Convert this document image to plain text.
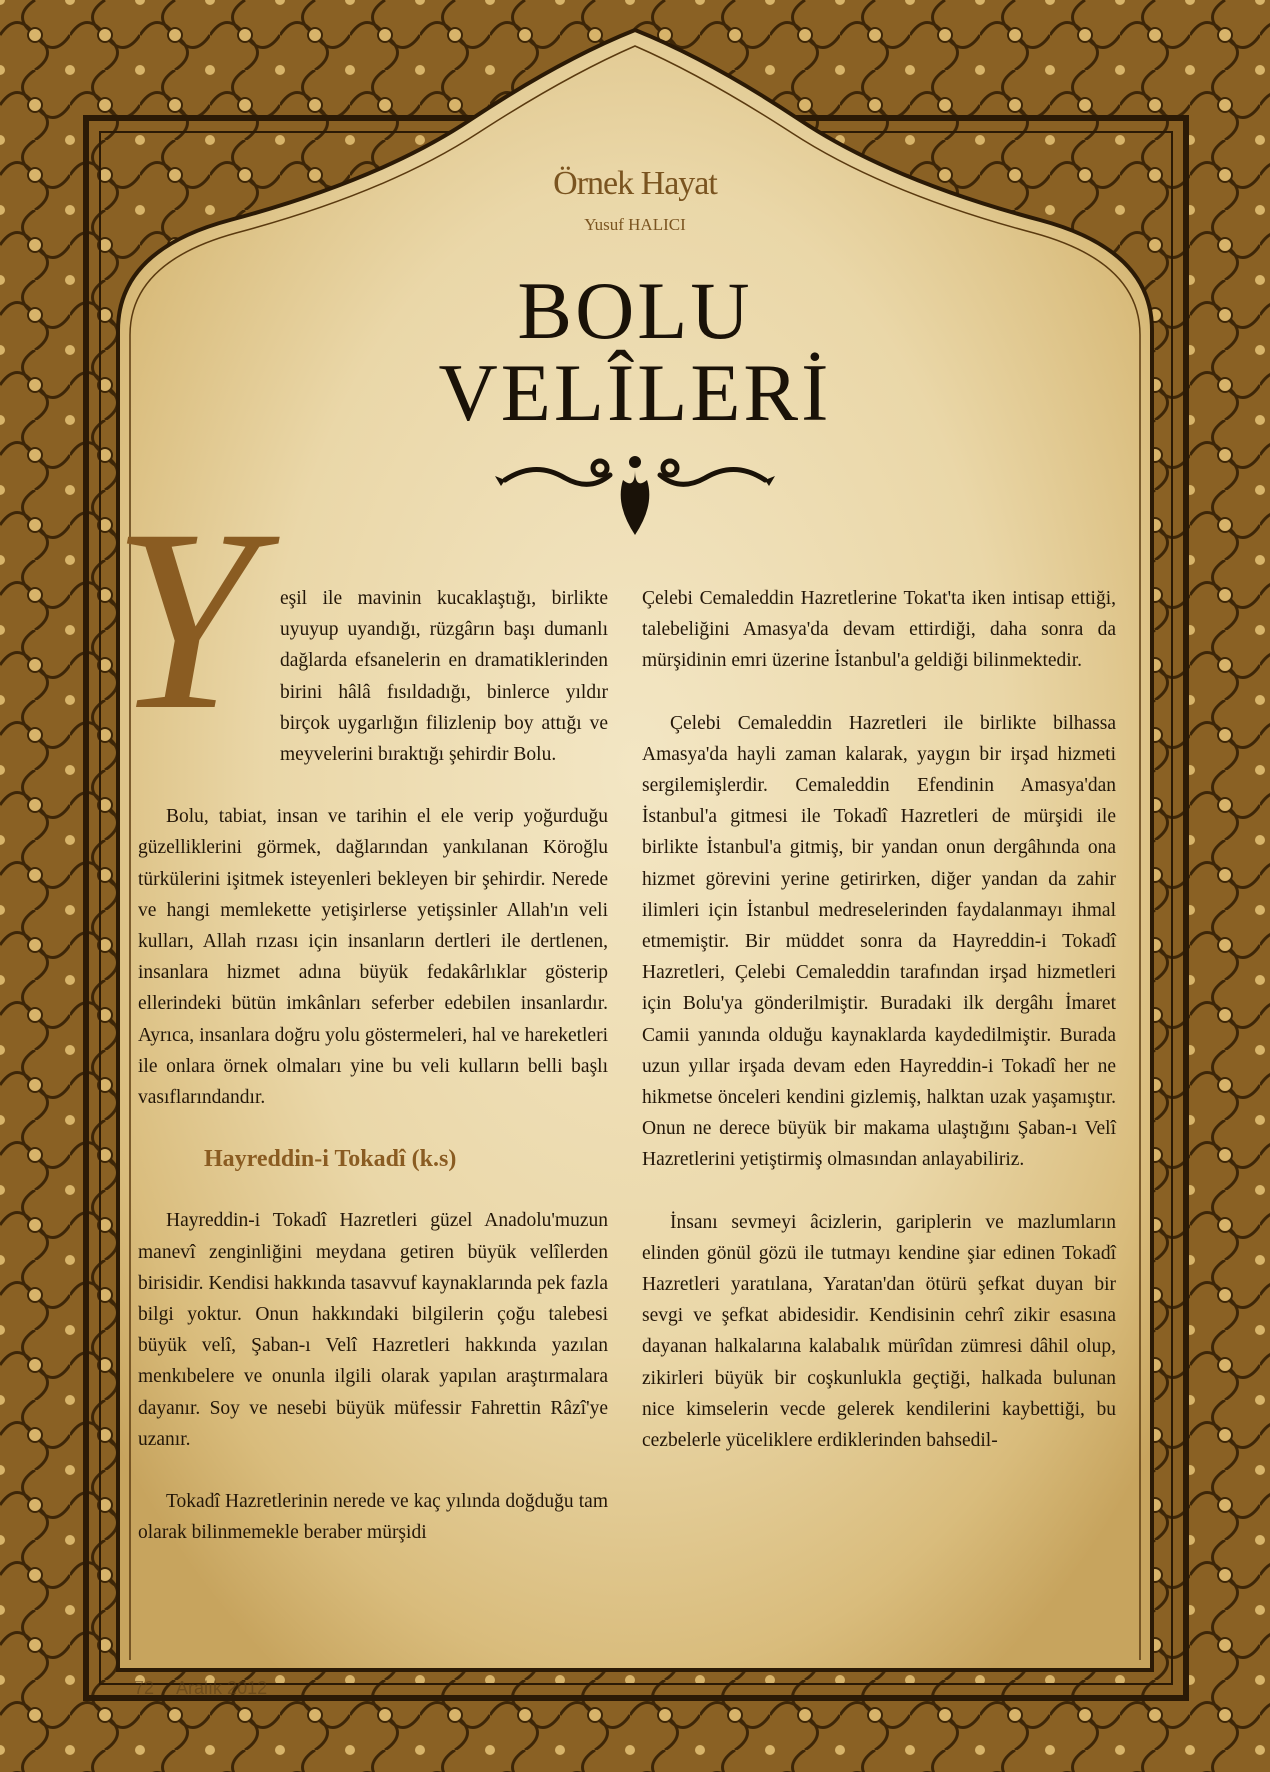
Örnek Hayat
Yusuf HALICI
BOLU
VELÎLERİ
Y	eşil ile mavinin kucaklaştığı, birlikte uyuyup uyandığı, rüzgârın başı dumanlı dağlarda efsanelerin en dramatiklerinden birini hâlâ fısıldadığı, binlerce yıldır birçok uygarlığın filizlenip boy attığı ve meyvelerini bıraktığı şehirdir Bolu.

Bolu, tabiat, insan ve tarihin el ele verip yoğurduğu güzelliklerini görmek, dağlarından yankılanan Köroğlu türkülerini işitmek isteyenleri bekleyen bir şehirdir. Nerede ve hangi memlekette yetişirlerse yetişsinler Allah'ın veli kulları, Allah rızası için insanların dertleri ile dertlenen, insanlara hizmet adına büyük fedakârlıklar gösterip ellerindeki bütün imkânları seferber edebilen insanlardır. Ayrıca, insanlara doğru yolu göstermeleri, hal ve hareketleri ile onlara örnek olmaları yine bu veli kulların belli başlı vasıflarındandır.

Hayreddin-i Tokadî (k.s)

Hayreddin-i Tokadî Hazretleri güzel Anadolu'muzun manevî zenginliğini meydana getiren büyük velîlerden birisidir. Kendisi hakkında tasavvuf kaynaklarında pek fazla bilgi yoktur. Onun hakkındaki bilgilerin çoğu talebesi büyük velî, Şaban-ı Velî Hazretleri hakkında yazılan menkıbelere ve onunla ilgili olarak yapılan araştırmalara dayanır. Soy ve nesebi büyük müfessir Fahrettin Râzî'ye uzanır.

Tokadî Hazretlerinin nerede ve kaç yılında doğduğu tam olarak bilinmemekle beraber mürşidi

Çelebi Cemaleddin Hazretlerine Tokat'ta iken intisap ettiği, talebeliğini Amasya'da devam ettirdiği, daha sonra da mürşidinin emri üzerine İstanbul'a geldiği bilinmektedir.

Çelebi Cemaleddin Hazretleri ile birlikte bilhassa Amasya'da hayli zaman kalarak, yaygın bir irşad hizmeti sergilemişlerdir. Cemaleddin Efendinin Amasya'dan İstanbul'a gitmesi ile Tokadî Hazretleri de mürşidi ile birlikte İstanbul'a gitmiş, bir yandan onun dergâhında ona hizmet görevini yerine getirirken, diğer yandan da zahir ilimleri için İstanbul medreselerinden faydalanmayı ihmal etmemiştir. Bir müddet sonra da Hayreddin-i Tokadî Hazretleri, Çelebi Cemaleddin tarafından irşad hizmetleri için Bolu'ya gönderilmiştir. Buradaki ilk dergâhı İmaret Camii yanında olduğu kaynaklarda kaydedilmiştir. Burada uzun yıllar irşada devam eden Hayreddin-i Tokadî her ne hikmetse önceleri kendini gizlemiş, halktan uzak yaşamıştır. Onun ne derece büyük bir makama ulaştığını Şaban-ı Velî Hazretlerini yetiştirmiş olmasından anlayabiliriz.

İnsanı sevmeyi âcizlerin, gariplerin ve mazlumların elinden gönül gözü ile tutmayı kendine şiar edinen Tokadî Hazretleri yaratılana, Yaratan'dan ötürü şefkat duyan bir sevgi ve şefkat abidesidir. Kendisinin cehrî zikir esasına dayanan halkalarına kalabalık mürîdan zümresi dâhil olup, zikirleri büyük bir coşkunlukla geçtiği, halkada bulunan nice kimselerin vecde gelerek kendilerini kaybettiği, bu cezbelerle yüceliklere erdiklerinden bahsedil-

72 Aralık 2012
